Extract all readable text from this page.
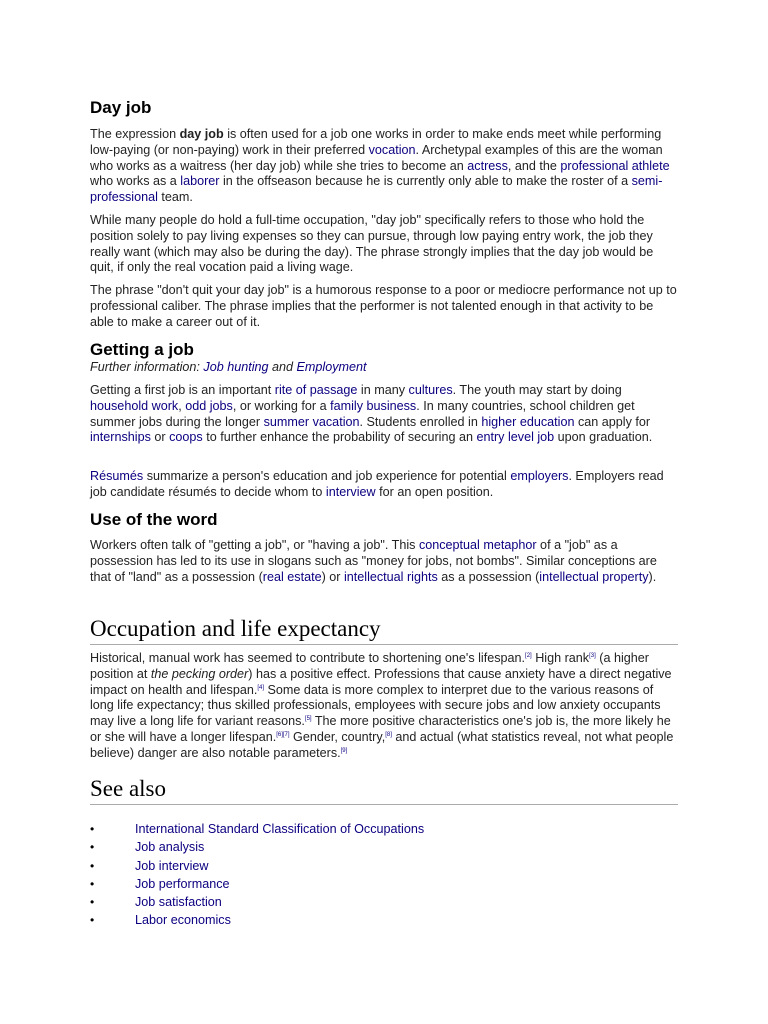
Day job

The expression day job is often used for a job one works in order to make ends meet while performing low-paying (or non-paying) work in their preferred vocation. Archetypal examples of this are the woman who works as a waitress (her day job) while she tries to become an actress, and the professional athlete who works as a laborer in the offseason because he is currently only able to make the roster of a semi-professional team.

While many people do hold a full-time occupation, "day job" specifically refers to those who hold the position solely to pay living expenses so they can pursue, through low paying entry work, the job they really want (which may also be during the day). The phrase strongly implies that the day job would be quit, if only the real vocation paid a living wage.

The phrase "don't quit your day job" is a humorous response to a poor or mediocre performance not up to professional caliber. The phrase implies that the performer is not talented enough in that activity to be able to make a career out of it.

Getting a job
Further information: Job hunting and Employment

Getting a first job is an important rite of passage in many cultures. The youth may start by doing household work, odd jobs, or working for a family business. In many countries, school children get summer jobs during the longer summer vacation. Students enrolled in higher education can apply for internships or coops to further enhance the probability of securing an entry level job upon graduation.

Résumés summarize a person's education and job experience for potential employers. Employers read job candidate résumés to decide whom to interview for an open position.

Use of the word

Workers often talk of "getting a job", or "having a job". This conceptual metaphor of a "job" as a possession has led to its use in slogans such as "money for jobs, not bombs". Similar conceptions are that of "land" as a possession (real estate) or intellectual rights as a possession (intellectual property).

Occupation and life expectancy

Historical, manual work has seemed to contribute to shortening one's lifespan.[2] High rank[3] (a higher position at the pecking order) has a positive effect. Professions that cause anxiety have a direct negative impact on health and lifespan.[4] Some data is more complex to interpret due to the various reasons of long life expectancy; thus skilled professionals, employees with secure jobs and low anxiety occupants may live a long life for variant reasons.[5] The more positive characteristics one's job is, the more likely he or she will have a longer lifespan.[6][7] Gender, country,[8] and actual (what statistics reveal, not what people believe) danger are also notable parameters.[9]

See also
•	International Standard Classification of Occupations
•	Job analysis
•	Job interview
•	Job performance
•	Job satisfaction
•	Labor economics
